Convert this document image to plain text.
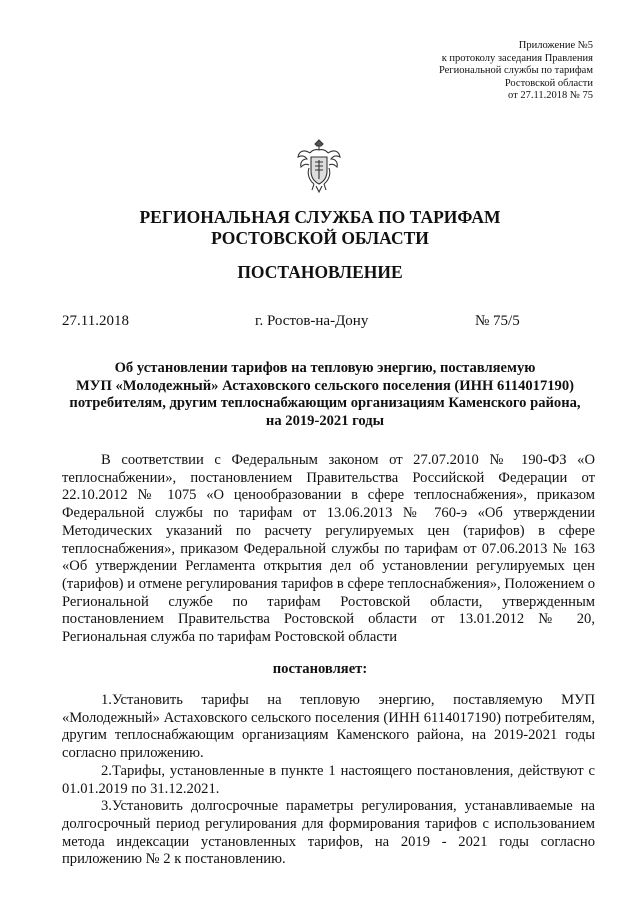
Приложение №5
к протоколу заседания Правления
Региональной службы по тарифам
Ростовской области
от 27.11.2018 № 75
РЕГИОНАЛЬНАЯ СЛУЖБА ПО ТАРИФАМ
РОСТОВСКОЙ ОБЛАСТИ
ПОСТАНОВЛЕНИЕ
27.11.2018	г. Ростов-на-Дону	№ 75/5
Об установлении тарифов на тепловую энергию, поставляемую
МУП «Молодежный» Астаховского сельского поселения (ИНН 6114017190)
потребителям, другим теплоснабжающим организациям Каменского района,
на 2019-2021 годы

В соответствии с Федеральным законом от 27.07.2010 № 190-ФЗ «О теплоснабжении», постановлением Правительства Российской Федерации от 22.10.2012 № 1075 «О ценообразовании в сфере теплоснабжения», приказом Федеральной службы по тарифам от 13.06.2013 № 760-э «Об утверждении Методических указаний по расчету регулируемых цен (тарифов) в сфере теплоснабжения», приказом Федеральной службы по тарифам от 07.06.2013 № 163 «Об утверждении Регламента открытия дел об установлении регулируемых цен (тарифов) и отмене регулирования тарифов в сфере теплоснабжения», Положением о Региональной службе по тарифам Ростовской области, утвержденным постановлением Правительства Ростовской области от 13.01.2012 № 20, Региональная служба по тарифам Ростовской области

постановляет:

1.Установить тарифы на тепловую энергию, поставляемую МУП «Молодежный» Астаховского сельского поселения (ИНН 6114017190) потребителям, другим теплоснабжающим организациям Каменского района, на 2019-2021 годы согласно приложению.

2.Тарифы, установленные в пункте 1 настоящего постановления, действуют с 01.01.2019 по 31.12.2021.

3.Установить долгосрочные параметры регулирования, устанавливаемые на долгосрочный период регулирования для формирования тарифов с использованием метода индексации установленных тарифов, на 2019 - 2021 годы согласно приложению № 2 к постановлению.
